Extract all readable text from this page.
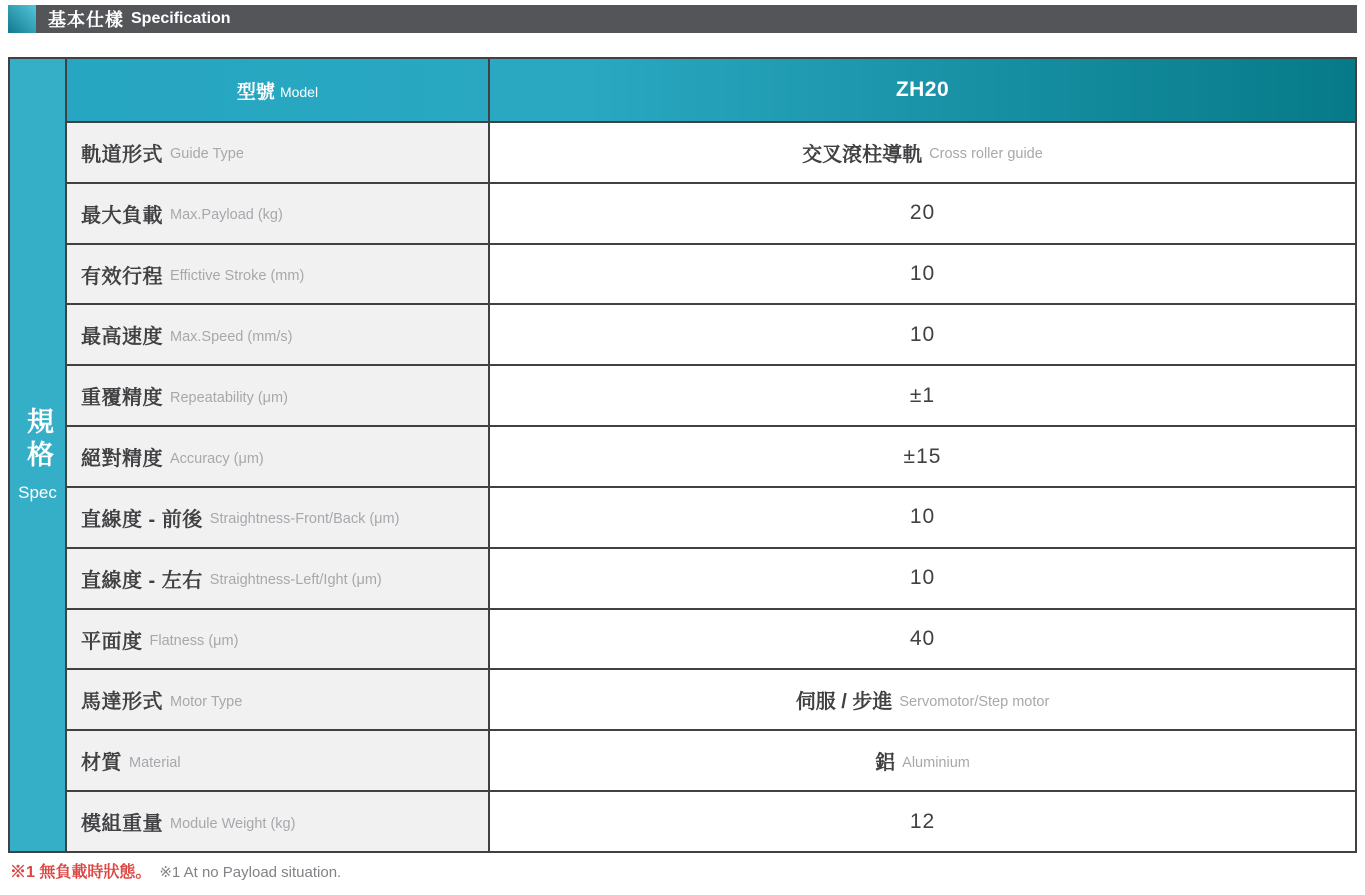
基本仕樣 Specification
規格
Spec
型號 Model	ZH20
軌道形式 Guide Type	交叉滾柱導軌 Cross roller guide
最大負載 Max.Payload (kg)	20
有效行程 Effictive Stroke (mm)	10
最高速度 Max.Speed (mm/s)	10
重覆精度 Repeatability (μm)	±1
絕對精度 Accuracy (μm)	±15
直線度 - 前後 Straightness-Front/Back (μm)	10
直線度 - 左右 Straightness-Left/Ight (μm)	10
平面度 Flatness (μm)	40
馬達形式 Motor Type	伺服 / 步進 Servomotor/Step motor
材質 Material	鋁 Aluminium
模組重量 Module Weight (kg)	12
※1 無負載時狀態。 ※1 At no Payload situation.
